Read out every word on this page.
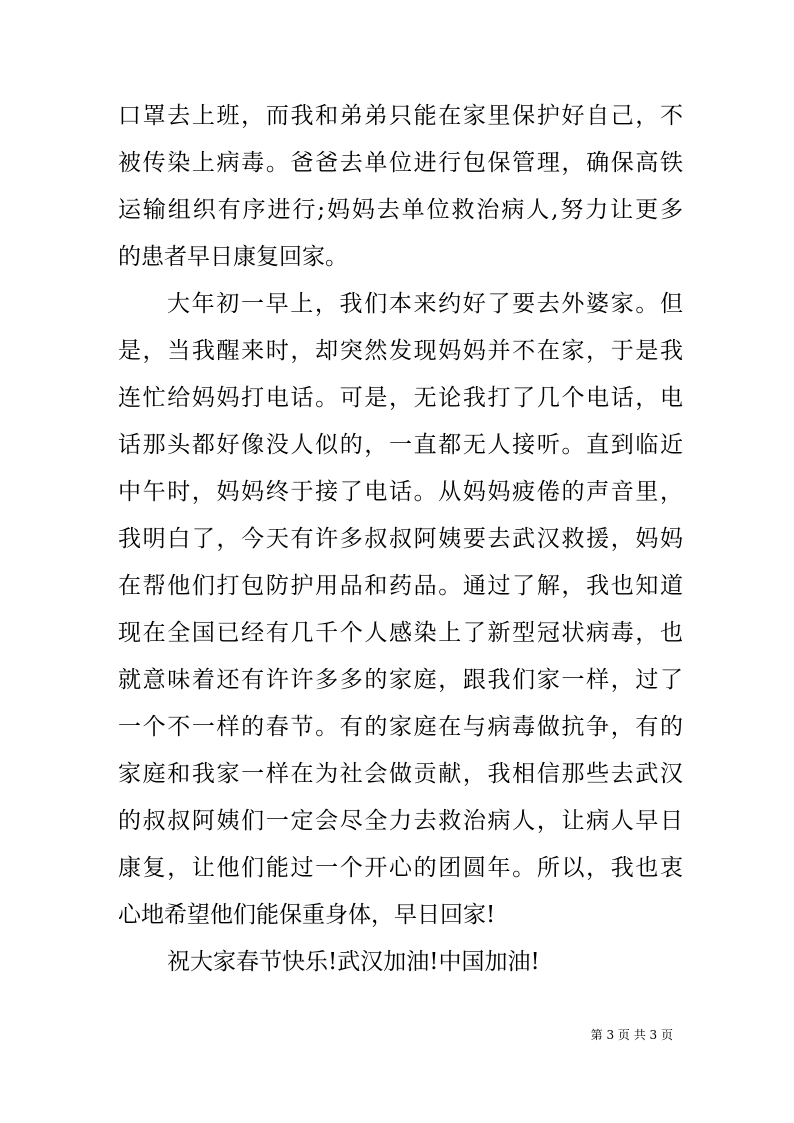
口罩去上班，而我和弟弟只能在家里保护好自己，不
被传染上病毒。爸爸去单位进行包保管理，确保高铁
运输组织有序进行;妈妈去单位救治病人,努力让更多
的患者早日康复回家。
大年初一早上，我们本来约好了要去外婆家。但
是，当我醒来时，却突然发现妈妈并不在家，于是我
连忙给妈妈打电话。可是，无论我打了几个电话，电
话那头都好像没人似的，一直都无人接听。直到临近
中午时，妈妈终于接了电话。从妈妈疲倦的声音里，
我明白了，今天有许多叔叔阿姨要去武汉救援，妈妈
在帮他们打包防护用品和药品。通过了解，我也知道
现在全国已经有几千个人感染上了新型冠状病毒，也
就意味着还有许许多多的家庭，跟我们家一样，过了
一个不一样的春节。有的家庭在与病毒做抗争，有的
家庭和我家一样在为社会做贡献，我相信那些去武汉
的叔叔阿姨们一定会尽全力去救治病人，让病人早日
康复，让他们能过一个开心的团圆年。所以，我也衷
心地希望他们能保重身体，早日回家!
祝大家春节快乐!武汉加油!中国加油!
第 3 页 共 3 页
